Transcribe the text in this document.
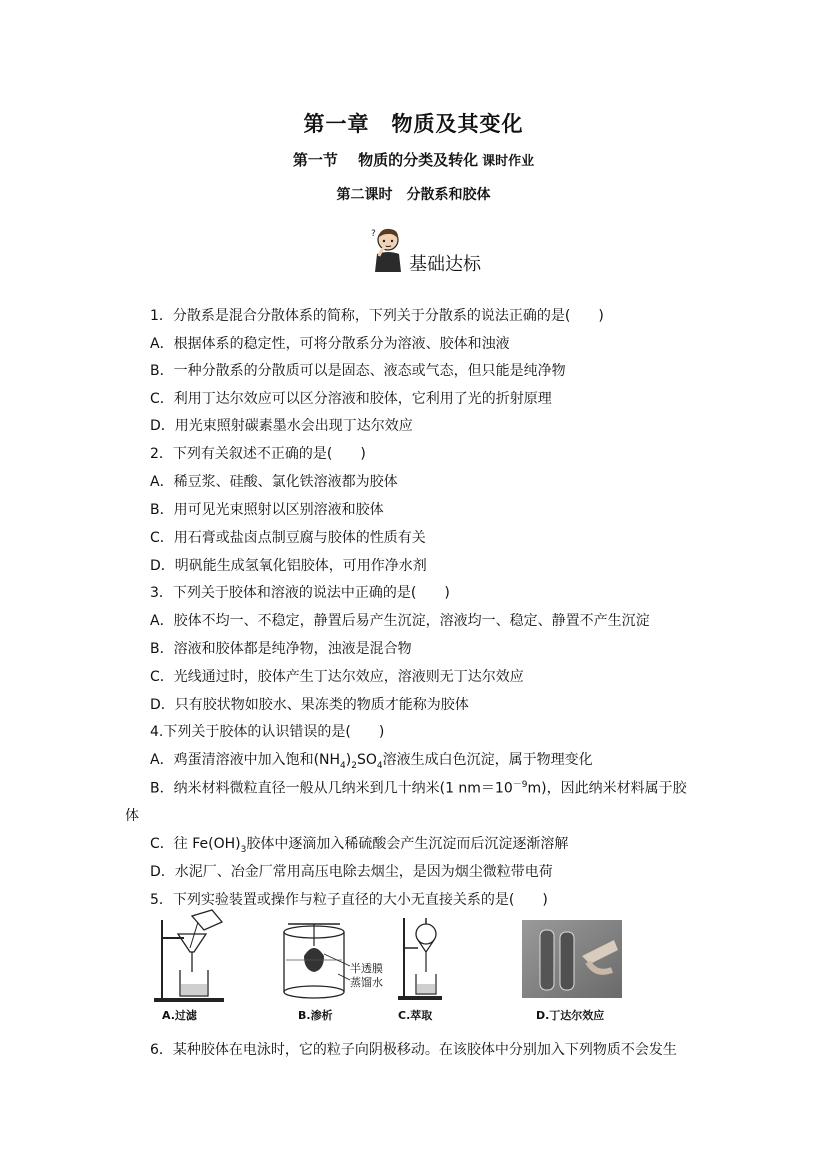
第一章　物质及其变化
第一节　 物质的分类及转化 课时作业
第二课时　分散系和胶体
?
基础达标
1．分散系是混合分散体系的简称，下列关于分散系的说法正确的是(　　)
A．根据体系的稳定性，可将分散系分为溶液、胶体和浊液
B．一种分散系的分散质可以是固态、液态或气态，但只能是纯净物
C．利用丁达尔效应可以区分溶液和胶体，它利用了光的折射原理
D．用光束照射碳素墨水会出现丁达尔效应
2．下列有关叙述不正确的是(　　)
A．稀豆浆、硅酸、氯化铁溶液都为胶体
B．用可见光束照射以区别溶液和胶体
C．用石膏或盐卤点制豆腐与胶体的性质有关
D．明矾能生成氢氧化铝胶体，可用作净水剂
3．下列关于胶体和溶液的说法中正确的是(　　)
A．胶体不均一、不稳定，静置后易产生沉淀，溶液均一、稳定、静置不产生沉淀
B．溶液和胶体都是纯净物，浊液是混合物
C．光线通过时，胶体产生丁达尔效应，溶液则无丁达尔效应
D．只有胶状物如胶水、果冻类的物质才能称为胶体
4.下列关于胶体的认识错误的是(　　)
A．鸡蛋清溶液中加入饱和$(NH_4)_2SO_4$溶液生成白色沉淀，属于物理变化
B．纳米材料微粒直径一般从几纳米到几十纳米(1 $nm=10^{-9}m$)，因此纳米材料属于胶
体
C．往 $Fe(OH)_3$胶体中逐滴加入稀硫酸会产生沉淀而后沉淀逐渐溶解
D．水泥厂、冶金厂常用高压电除去烟尘，是因为烟尘微粒带电荷
5．下列实验装置或操作与粒子直径的大小无直接关系的是(　　)
A.过滤
半透膜
蒸馏水
B.渗析	C.萃取	D.丁达尔效应
6．某种胶体在电泳时，它的粒子向阴极移动。在该胶体中分别加入下列物质不会发生
